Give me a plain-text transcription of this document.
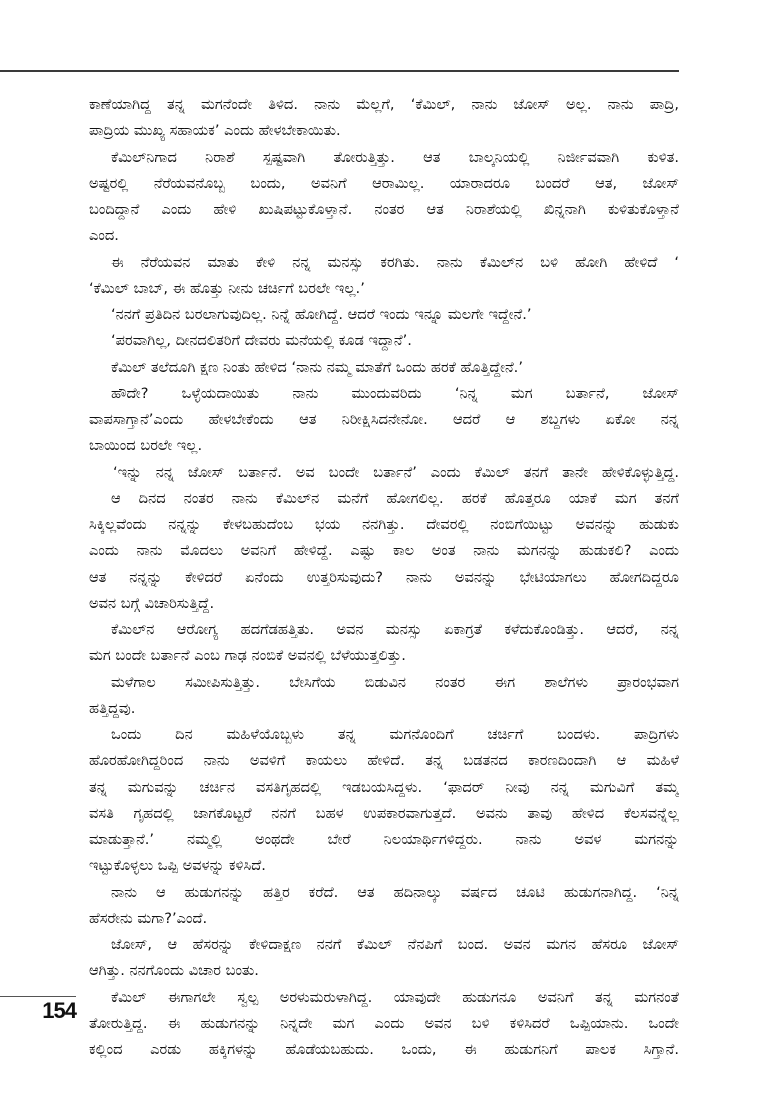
ಕಾಣೆಯಾಗಿದ್ದ ತನ್ನ ಮಗನೆಂದೇ ತಿಳಿದ. ನಾನು ಮೆಲ್ಲಗೆ, ‘ಕೆಮಿಲ್, ನಾನು ಜೋಸ್ ಅಲ್ಲ. ನಾನು ಪಾದ್ರಿ,
ಪಾದ್ರಿಯ ಮುಖ್ಯ ಸಹಾಯಕ’ ಎಂದು ಹೇಳಬೇಕಾಯಿತು.
ಕೆಮಿಲ್‌ನಿಗಾದ ನಿರಾಶೆ ಸ್ಪಷ್ಟವಾಗಿ ತೋರುತ್ತಿತ್ತು. ಆತ ಬಾಲ್ಕನಿಯಲ್ಲಿ ನಿರ್ಜೀವವಾಗಿ ಕುಳಿತ.
ಅಷ್ಟರಲ್ಲಿ ನೆರೆಯವನೊಬ್ಬ ಬಂದು, ಅವನಿಗೆ ಆರಾಮಿಲ್ಲ. ಯಾರಾದರೂ ಬಂದರೆ ಆತ, ಜೋಸ್
ಬಂದಿದ್ದಾನೆ ಎಂದು ಹೇಳಿ ಖುಷಿಪಟ್ಟುಕೊಳ್ತಾನೆ. ನಂತರ ಆತ ನಿರಾಶೆಯಲ್ಲಿ ಖಿನ್ನನಾಗಿ ಕುಳಿತುಕೊಳ್ತಾನೆ
ಎಂದ.
ಈ ನೆರೆಯವನ ಮಾತು ಕೇಳಿ ನನ್ನ ಮನಸ್ಸು ಕರಗಿತು. ನಾನು ಕೆಮಿಲ್‌ನ ಬಳಿ ಹೋಗಿ ಹೇಳಿದೆ ‘
‘ಕೆಮಿಲ್ ಬಾಬ್, ಈ ಹೊತ್ತು ನೀನು ಚರ್ಚಿಗೆ ಬರಲೇ ಇಲ್ಲ.’
‘ನನಗೆ ಪ್ರತಿದಿನ ಬರಲಾಗುವುದಿಲ್ಲ. ನಿನ್ನೆ ಹೋಗಿದ್ದೆ. ಆದರೆ ಇಂದು ಇನ್ನೂ ಮಲಗೇ ಇದ್ದೇನೆ.’
‘ಪರವಾಗಿಲ್ಲ, ದೀನದಲಿತರಿಗೆ ದೇವರು ಮನೆಯಲ್ಲಿ ಕೂಡ ಇದ್ದಾನೆ’.
ಕೆಮಿಲ್ ತಲೆದೂಗಿ ಕ್ಷಣ ನಿಂತು ಹೇಳಿದ ‘ನಾನು ನಮ್ಮ ಮಾತೆಗೆ ಒಂದು ಹರಕೆ ಹೊತ್ತಿದ್ದೇನೆ.’
ಹೌದೇ? ಒಳ್ಳೆಯದಾಯಿತು ನಾನು ಮುಂದುವರಿದು ‘ನಿನ್ನ ಮಗ ಬರ್ತಾನೆ, ಜೋಸ್
ವಾಪಸಾಗ್ತಾನೆ’ಎಂದು ಹೇಳಬೇಕೆಂದು ಆತ ನಿರೀಕ್ಷಿಸಿದನೇನೋ. ಆದರೆ ಆ ಶಬ್ದಗಳು ಏಕೋ ನನ್ನ
ಬಾಯಿಂದ ಬರಲೇ ಇಲ್ಲ.
‘ಇನ್ನು ನನ್ನ ಜೋಸ್ ಬರ್ತಾನೆ. ಅವ ಬಂದೇ ಬರ್ತಾನೆ’ ಎಂದು ಕೆಮಿಲ್ ತನಗೆ ತಾನೇ ಹೇಳಿಕೊಳ್ಳುತ್ತಿದ್ದ.
ಆ ದಿನದ ನಂತರ ನಾನು ಕೆಮಿಲ್‌ನ ಮನೆಗೆ ಹೋಗಲಿಲ್ಲ. ಹರಕೆ ಹೊತ್ತರೂ ಯಾಕೆ ಮಗ ತನಗೆ
ಸಿಕ್ಕಿಲ್ಲವೆಂದು ನನ್ನನ್ನು ಕೇಳಬಹುದೆಂಬ ಭಯ ನನಗಿತ್ತು. ದೇವರಲ್ಲಿ ನಂಬಿಗೆಯಿಟ್ಟು ಅವನನ್ನು ಹುಡುಕು
ಎಂದು ನಾನು ಮೊದಲು ಅವನಿಗೆ ಹೇಳಿದ್ದೆ. ಎಷ್ಟು ಕಾಲ ಅಂತ ನಾನು ಮಗನನ್ನು ಹುಡುಕಲಿ? ಎಂದು
ಆತ ನನ್ನನ್ನು ಕೇಳಿದರೆ ಏನೆಂದು ಉತ್ತರಿಸುವುದು? ನಾನು ಅವನನ್ನು ಭೇಟಿಯಾಗಲು ಹೋಗದಿದ್ದರೂ
ಅವನ ಬಗ್ಗೆ ವಿಚಾರಿಸುತ್ತಿದ್ದೆ.
ಕೆಮಿಲ್‌ನ ಆರೋಗ್ಯ ಹದಗೆಡಹತ್ತಿತು. ಅವನ ಮನಸ್ಸು ಏಕಾಗ್ರತೆ ಕಳೆದುಕೊಂಡಿತ್ತು. ಆದರೆ, ನನ್ನ
ಮಗ ಬಂದೇ ಬರ್ತಾನೆ ಎಂಬ ಗಾಢ ನಂಬಿಕೆ ಅವನಲ್ಲಿ ಬೆಳೆಯುತ್ತಲಿತ್ತು.
ಮಳೆಗಾಲ ಸಮೀಪಿಸುತ್ತಿತ್ತು. ಬೇಸಿಗೆಯ ಬಿಡುವಿನ ನಂತರ ಈಗ ಶಾಲೆಗಳು ಪ್ರಾರಂಭವಾಗ
ಹತ್ತಿದ್ದವು.
ಒಂದು ದಿನ ಮಹಿಳೆಯೊಬ್ಬಳು ತನ್ನ ಮಗನೊಂದಿಗೆ ಚರ್ಚಿಗೆ ಬಂದಳು. ಪಾದ್ರಿಗಳು
ಹೊರಹೋಗಿದ್ದರಿಂದ ನಾನು ಅವಳಿಗೆ ಕಾಯಲು ಹೇಳಿದೆ. ತನ್ನ ಬಡತನದ ಕಾರಣದಿಂದಾಗಿ ಆ ಮಹಿಳೆ
ತನ್ನ ಮಗುವನ್ನು ಚರ್ಚಿನ ವಸತಿಗೃಹದಲ್ಲಿ ಇಡಬಯಸಿದ್ದಳು. ‘ಫಾದರ್ ನೀವು ನನ್ನ ಮಗುವಿಗೆ ತಮ್ಮ
ವಸತಿ ಗೃಹದಲ್ಲಿ ಜಾಗಕೊಟ್ಟರೆ ನನಗೆ ಬಹಳ ಉಪಕಾರವಾಗುತ್ತದೆ. ಅವನು ತಾವು ಹೇಳಿದ ಕೆಲಸವನ್ನೆಲ್ಲ
ಮಾಡುತ್ತಾನೆ.’ ನಮ್ಮಲ್ಲಿ ಅಂಥದೇ ಬೇರೆ ನಿಲಯಾರ್ಥಿಗಳಿದ್ದರು. ನಾನು ಅವಳ ಮಗನನ್ನು
ಇಟ್ಟುಕೊಳ್ಳಲು ಒಪ್ಪಿ ಅವಳನ್ನು ಕಳಿಸಿದೆ.
ನಾನು ಆ ಹುಡುಗನನ್ನು ಹತ್ತಿರ ಕರೆದೆ. ಆತ ಹದಿನಾಲ್ಕು ವರ್ಷದ ಚೂಟಿ ಹುಡುಗನಾಗಿದ್ದ. ‘ನಿನ್ನ
ಹೆಸರೇನು ಮಗಾ?’ಎಂದೆ.
ಜೋಸ್, ಆ ಹೆಸರನ್ನು ಕೇಳಿದಾಕ್ಷಣ ನನಗೆ ಕೆಮಿಲ್ ನೆನಪಿಗೆ ಬಂದ. ಅವನ ಮಗನ ಹೆಸರೂ ಜೋಸ್
ಆಗಿತ್ತು. ನನಗೊಂದು ವಿಚಾರ ಬಂತು.
ಕೆಮಿಲ್ ಈಗಾಗಲೇ ಸ್ವಲ್ಪ ಅರಳುಮರುಳಾಗಿದ್ದ. ಯಾವುದೇ ಹುಡುಗನೂ ಅವನಿಗೆ ತನ್ನ ಮಗನಂತೆ
ತೋರುತ್ತಿದ್ದ. ಈ ಹುಡುಗನನ್ನು ನಿನ್ನದೇ ಮಗ ಎಂದು ಅವನ ಬಳಿ ಕಳಿಸಿದರೆ ಒಪ್ಪಿಯಾನು. ಒಂದೇ
ಕಲ್ಲಿಂದ ಎರಡು ಹಕ್ಕಿಗಳನ್ನು ಹೊಡೆಯಬಹುದು. ಒಂದು, ಈ ಹುಡುಗನಿಗೆ ಪಾಲಕ ಸಿಗ್ತಾನೆ.
154
